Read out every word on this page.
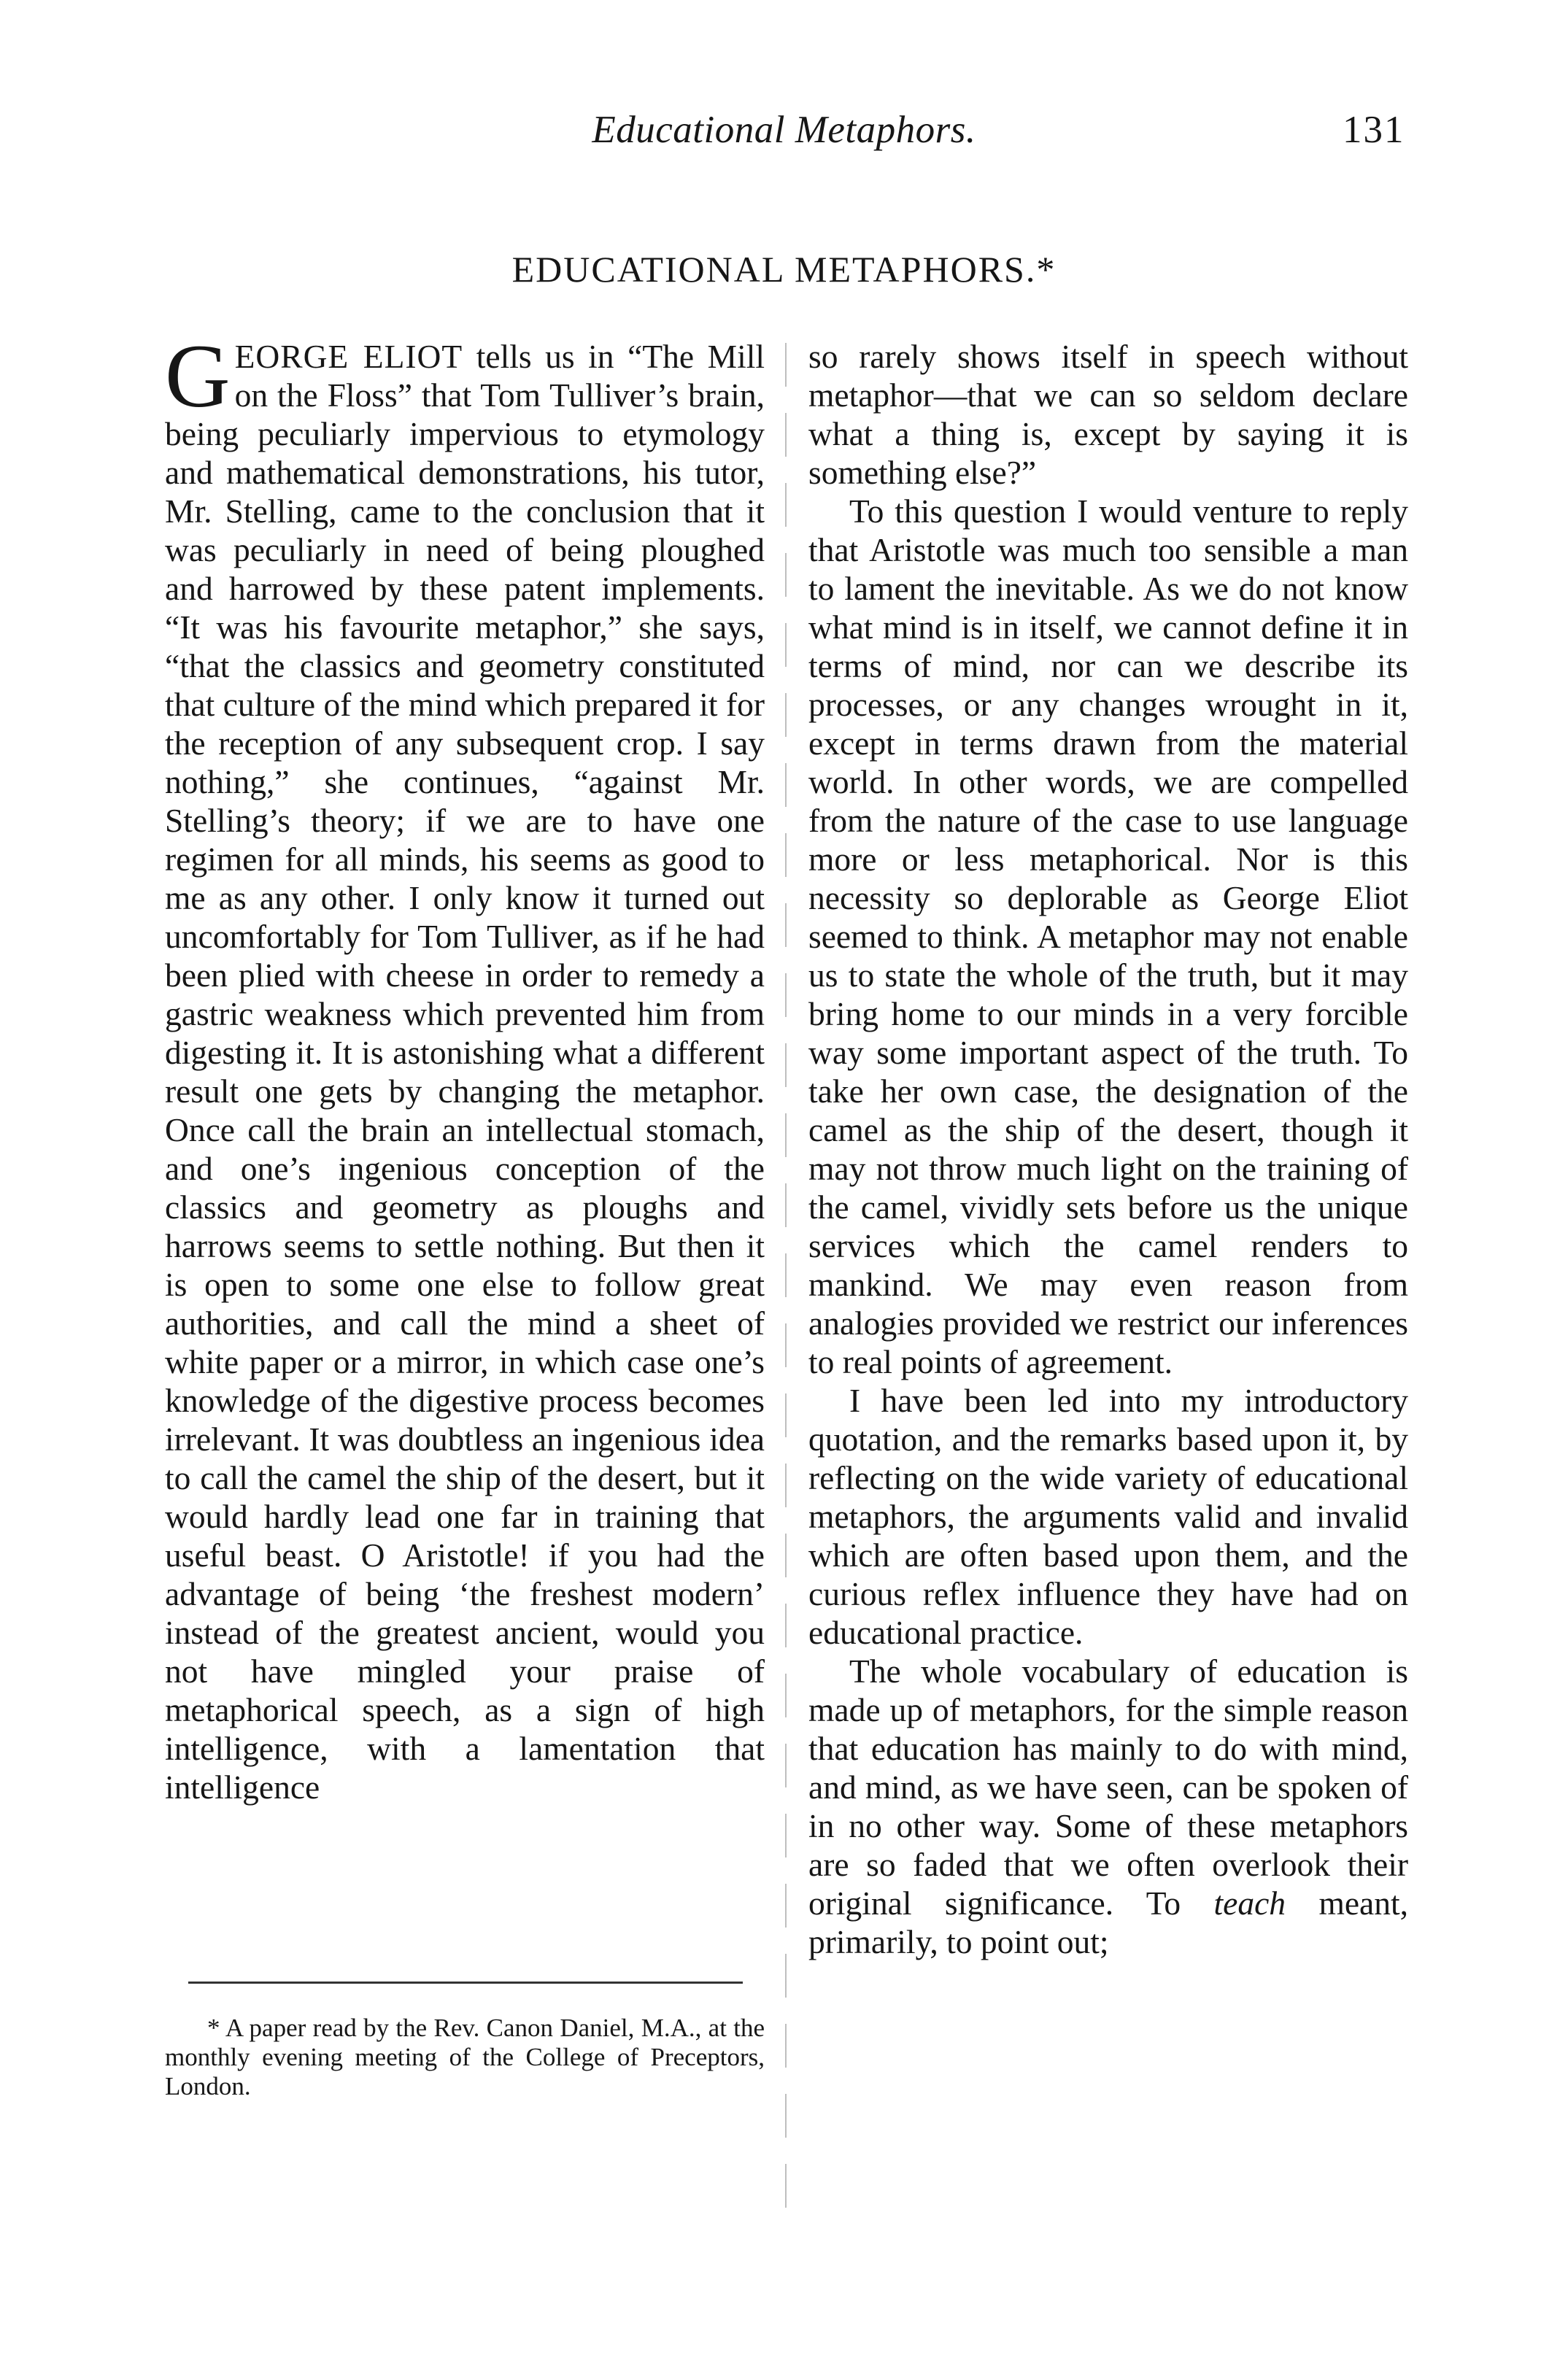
Educational Metaphors.	131
EDUCATIONAL METAPHORS.*

GEORGE ELIOT tells us in “The Mill on the Floss” that Tom Tulliver’s brain, being peculiarly impervious to etymology and mathematical demonstrations, his tutor, Mr. Stelling, came to the conclusion that it was peculiarly in need of being ploughed and harrowed by these patent implements. “It was his favourite metaphor,” she says, “that the classics and geometry constituted that culture of the mind which prepared it for the reception of any subsequent crop. I say nothing,” she continues, “against Mr. Stelling’s theory; if we are to have one regimen for all minds, his seems as good to me as any other. I only know it turned out uncomfortably for Tom Tulliver, as if he had been plied with cheese in order to remedy a gastric weakness which prevented him from digesting it. It is astonishing what a different result one gets by changing the metaphor. Once call the brain an intellectual stomach, and one’s ingenious conception of the classics and geometry as ploughs and harrows seems to settle nothing. But then it is open to some one else to follow great authorities, and call the mind a sheet of white paper or a mirror, in which case one’s knowledge of the digestive process becomes irrelevant. It was doubtless an ingenious idea to call the camel the ship of the desert, but it would hardly lead one far in training that useful beast. O Aristotle! if you had the advantage of being ‘the freshest modern’ instead of the greatest ancient, would you not have mingled your praise of metaphorical speech, as a sign of high intelligence, with a lamentation that intelligence

so rarely shows itself in speech without metaphor—that we can so seldom declare what a thing is, except by saying it is something else?”

To this question I would venture to reply that Aristotle was much too sensible a man to lament the inevitable. As we do not know what mind is in itself, we cannot define it in terms of mind, nor can we describe its processes, or any changes wrought in it, except in terms drawn from the material world. In other words, we are compelled from the nature of the case to use language more or less metaphorical. Nor is this necessity so deplorable as George Eliot seemed to think. A metaphor may not enable us to state the whole of the truth, but it may bring home to our minds in a very forcible way some important aspect of the truth. To take her own case, the designation of the camel as the ship of the desert, though it may not throw much light on the training of the camel, vividly sets before us the unique services which the camel renders to mankind. We may even reason from analogies provided we restrict our inferences to real points of agreement.

I have been led into my introductory quotation, and the remarks based upon it, by reflecting on the wide variety of educational metaphors, the arguments valid and invalid which are often based upon them, and the curious reflex influence they have had on educational practice.

The whole vocabulary of education is made up of metaphors, for the simple reason that education has mainly to do with mind, and mind, as we have seen, can be spoken of in no other way. Some of these metaphors are so faded that we often overlook their original significance. To teach meant, primarily, to point out;

* A paper read by the Rev. Canon Daniel, M.A., at the monthly evening meeting of the College of Preceptors, London.
